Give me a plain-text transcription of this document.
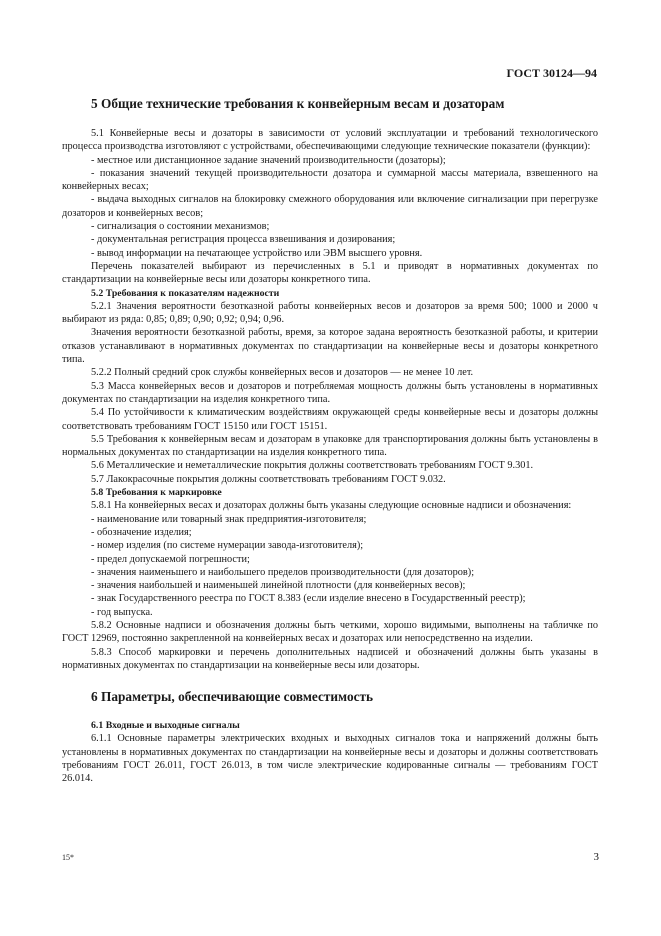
ГОСТ 30124—94
5 Общие технические требования к конвейерным весам и дозаторам

5.1 Конвейерные весы и дозаторы в зависимости от условий эксплуатации и требований технологического процесса производства изготовляют с устройствами, обеспечивающими следующие технические показатели (функции):

- местное или дистанционное задание значений производительности (дозаторы);

- показания значений текущей производительности дозатора и суммарной массы материала, взвешенного на конвейерных весах;

- выдача выходных сигналов на блокировку смежного оборудования или включение сигнализации при перегрузке дозаторов и конвейерных весов;

- сигнализация о состоянии механизмов;

- документальная регистрация процесса взвешивания и дозирования;

- вывод информации на печатающее устройство или ЭВМ высшего уровня.

Перечень показателей выбирают из перечисленных в 5.1 и приводят в нормативных документах по стандартизации на конвейерные весы или дозаторы конкретного типа.

5.2 Требования к показателям надежности

5.2.1 Значения вероятности безотказной работы конвейерных весов и дозаторов за время 500; 1000 и 2000 ч выбирают из ряда: 0,85; 0,89; 0,90; 0,92; 0,94; 0,96.

Значения вероятности безотказной работы, время, за которое задана вероятность безотказной работы, и критерии отказов устанавливают в нормативных документах по стандартизации на конвейерные весы и дозаторы конкретного типа.

5.2.2 Полный средний срок службы конвейерных весов и дозаторов — не менее 10 лет.

5.3 Масса конвейерных весов и дозаторов и потребляемая мощность должны быть установлены в нормативных документах по стандартизации на изделия конкретного типа.

5.4 По устойчивости к климатическим воздействиям окружающей среды конвейерные весы и дозаторы должны соответствовать требованиям ГОСТ 15150 или ГОСТ 15151.

5.5 Требования к конвейерным весам и дозаторам в упаковке для транспортирования должны быть установлены в нормальных документах по стандартизации на изделия конкретного типа.

5.6 Металлические и неметаллические покрытия должны соответствовать требованиям ГОСТ 9.301.

5.7 Лакокрасочные покрытия должны соответствовать требованиям ГОСТ 9.032.

5.8 Требования к маркировке

5.8.1 На конвейерных весах и дозаторах должны быть указаны следующие основные надписи и обозначения:

- наименование или товарный знак предприятия-изготовителя;

- обозначение изделия;

- номер изделия (по системе нумерации завода-изготовителя);

- предел допускаемой погрешности;

- значения наименьшего и наибольшего пределов производительности (для дозаторов);

- значения наибольшей и наименьшей линейной плотности (для конвейерных весов);

- знак Государственного реестра по ГОСТ 8.383 (если изделие внесено в Государственный реестр);

- год выпуска.

5.8.2 Основные надписи и обозначения должны быть четкими, хорошо видимыми, выполнены на табличке по ГОСТ 12969, постоянно закрепленной на конвейерных весах и дозаторах или непосредственно на изделии.

5.8.3 Способ маркировки и перечень дополнительных надписей и обозначений должны быть указаны в нормативных документах по стандартизации на конвейерные весы или дозаторы.

6 Параметры, обеспечивающие совместимость
6.1 Входные и выходные сигналы

6.1.1 Основные параметры электрических входных и выходных сигналов тока и напряжений должны быть установлены в нормативных документах по стандартизации на конвейерные весы и дозаторы и должны соответствовать требованиям ГОСТ 26.011, ГОСТ 26.013, в том числе электрические кодированные сигналы — требованиям ГОСТ 26.014.

15*	3
